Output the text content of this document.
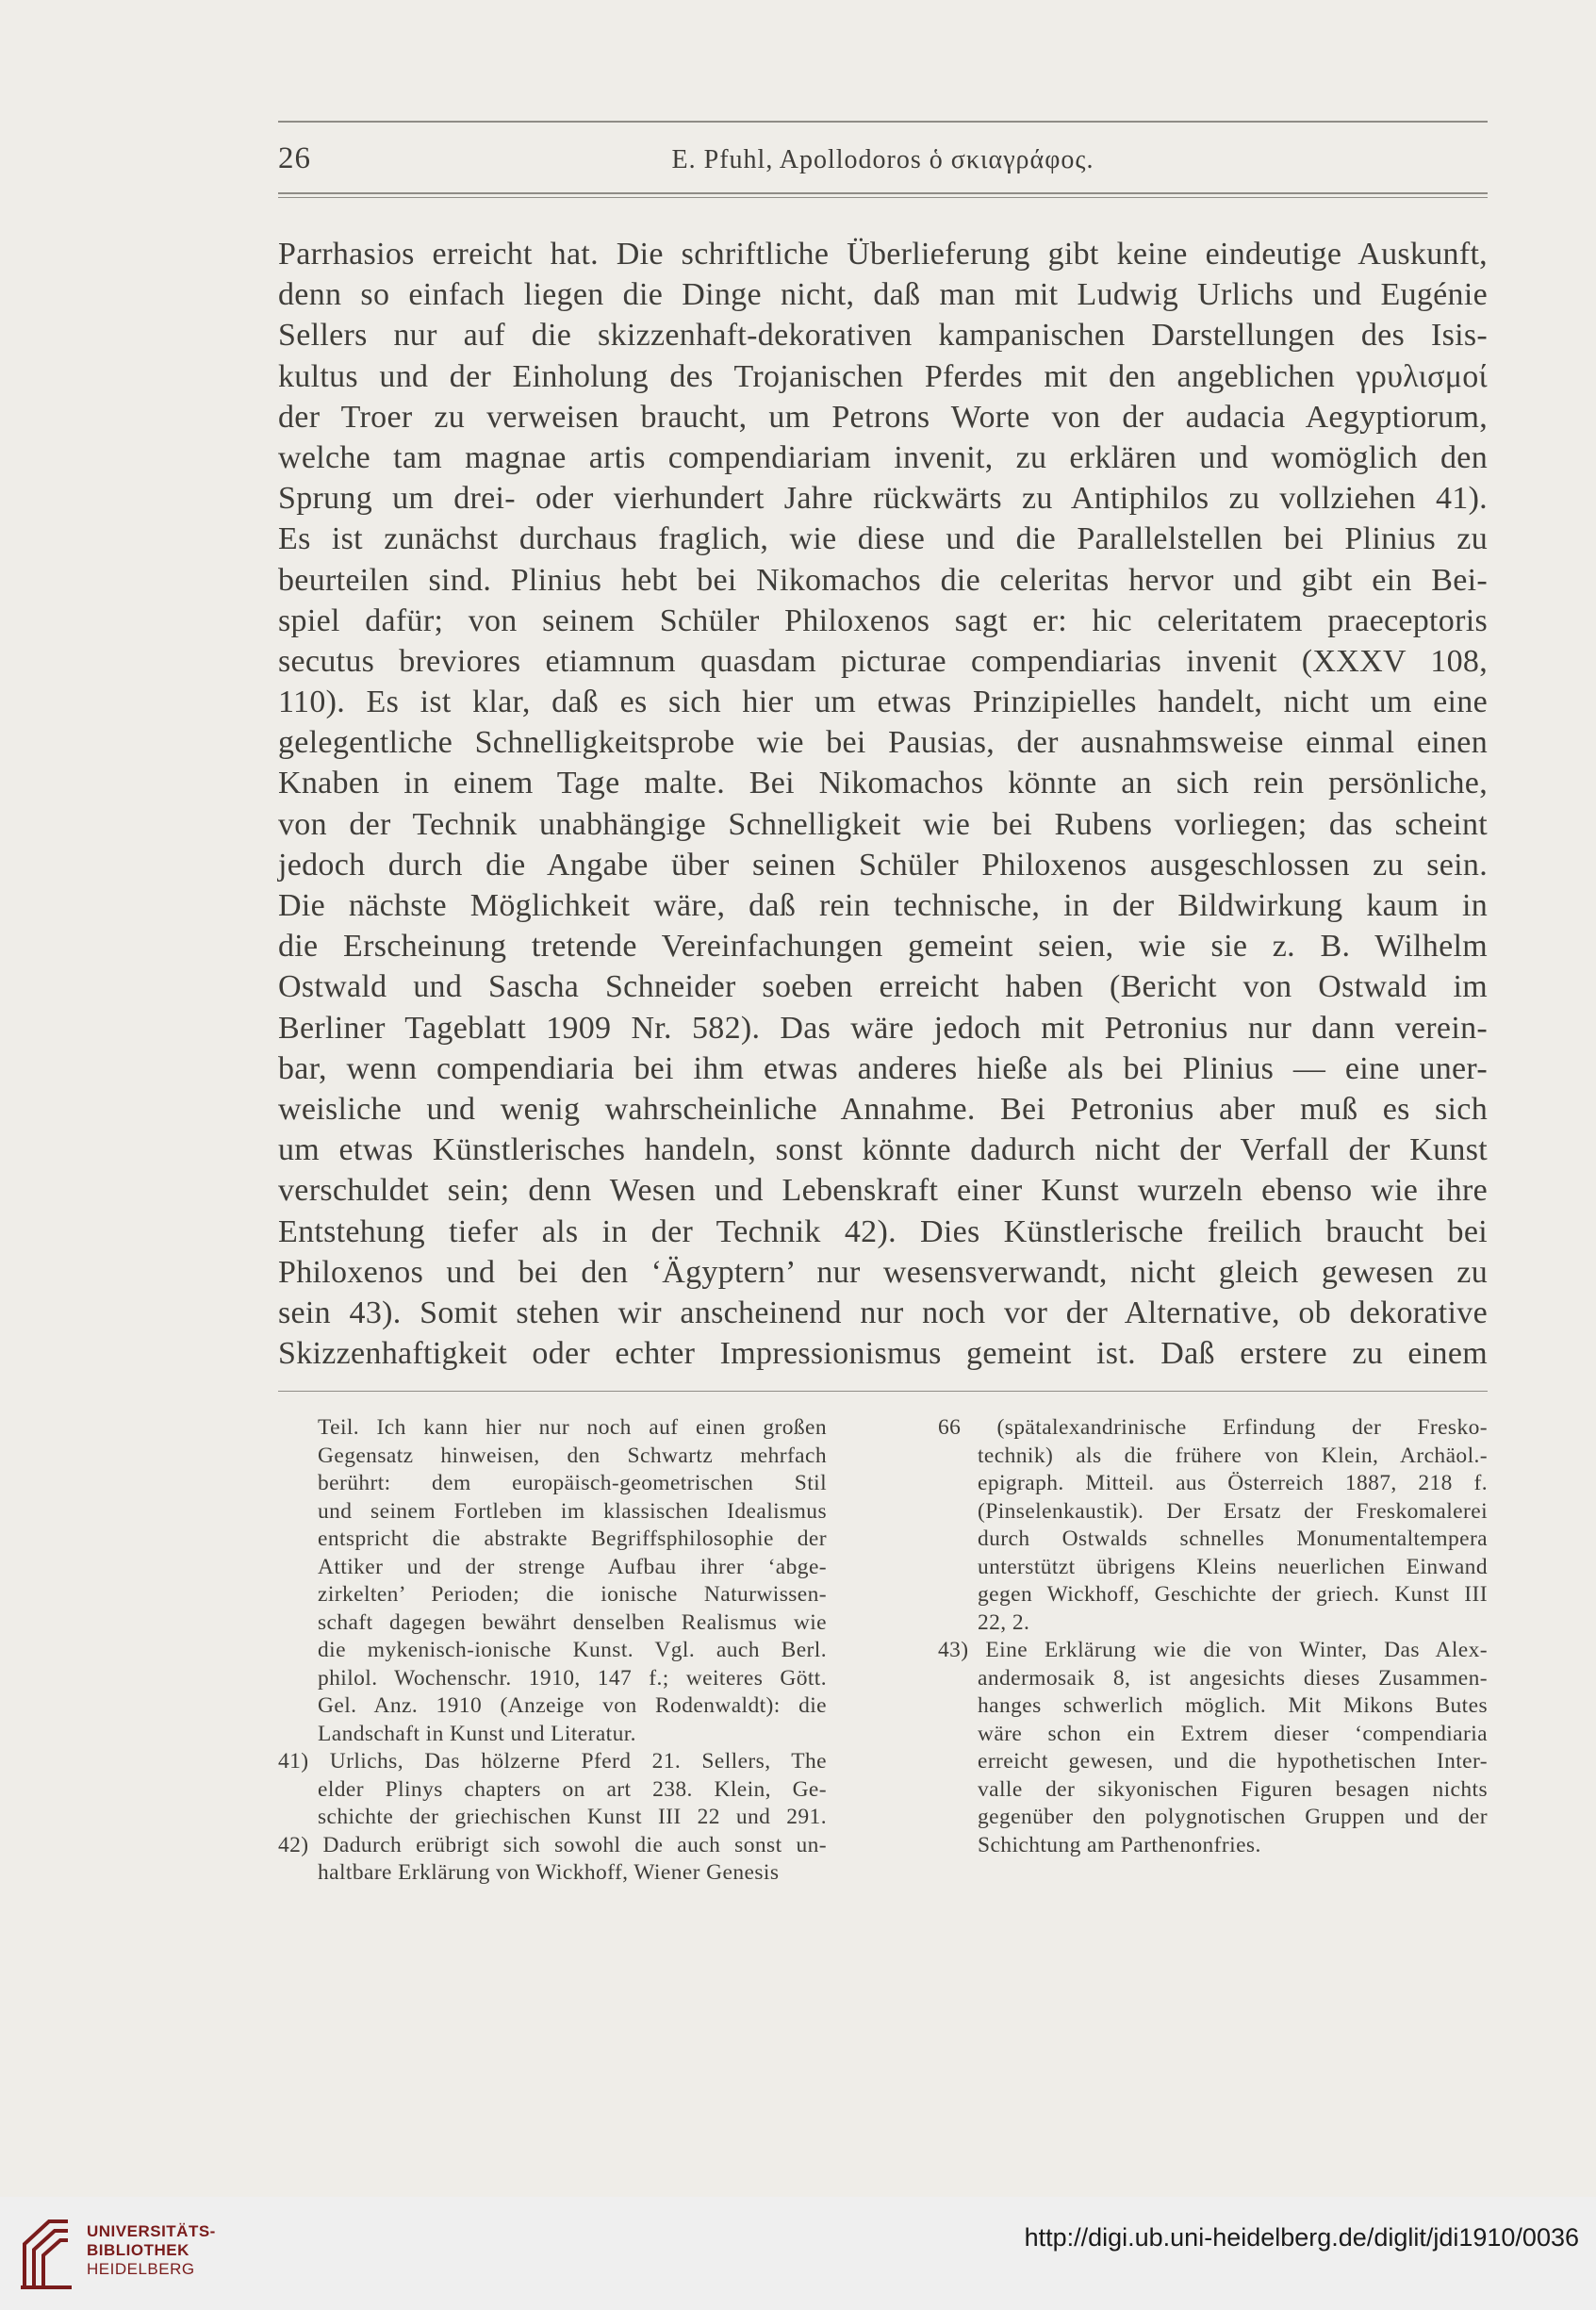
26	E. Pfuhl, Apollodoros ὁ σκιαγράφος.
Parrhasios erreicht hat. Die schriftliche Überlieferung gibt keine eindeutige Auskunft,
denn so einfach liegen die Dinge nicht, daß man mit Ludwig Urlichs und Eugénie
Sellers nur auf die skizzenhaft-dekorativen kampanischen Darstellungen des Isis-
kultus und der Einholung des Trojanischen Pferdes mit den angeblichen γρυλισμοί
der Troer zu verweisen braucht, um Petrons Worte von der audacia Aegyptiorum,
welche tam magnae artis compendiariam invenit, zu erklären und womöglich den
Sprung um drei- oder vierhundert Jahre rückwärts zu Antiphilos zu vollziehen 41).
Es ist zunächst durchaus fraglich, wie diese und die Parallelstellen bei Plinius zu
beurteilen sind. Plinius hebt bei Nikomachos die celeritas hervor und gibt ein Bei-
spiel dafür; von seinem Schüler Philoxenos sagt er: hic celeritatem praeceptoris
secutus breviores etiamnum quasdam picturae compendiarias invenit (XXXV 108,
110). Es ist klar, daß es sich hier um etwas Prinzipielles handelt, nicht um eine
gelegentliche Schnelligkeitsprobe wie bei Pausias, der ausnahmsweise einmal einen
Knaben in einem Tage malte. Bei Nikomachos könnte an sich rein persönliche,
von der Technik unabhängige Schnelligkeit wie bei Rubens vorliegen; das scheint
jedoch durch die Angabe über seinen Schüler Philoxenos ausgeschlossen zu sein.
Die nächste Möglichkeit wäre, daß rein technische, in der Bildwirkung kaum in
die Erscheinung tretende Vereinfachungen gemeint seien, wie sie z. B. Wilhelm
Ostwald und Sascha Schneider soeben erreicht haben (Bericht von Ostwald im
Berliner Tageblatt 1909 Nr. 582). Das wäre jedoch mit Petronius nur dann verein-
bar, wenn compendiaria bei ihm etwas anderes hieße als bei Plinius — eine uner-
weisliche und wenig wahrscheinliche Annahme. Bei Petronius aber muß es sich
um etwas Künstlerisches handeln, sonst könnte dadurch nicht der Verfall der Kunst
verschuldet sein; denn Wesen und Lebenskraft einer Kunst wurzeln ebenso wie ihre
Entstehung tiefer als in der Technik 42). Dies Künstlerische freilich braucht bei
Philoxenos und bei den ‘Ägyptern’ nur wesensverwandt, nicht gleich gewesen zu
sein 43). Somit stehen wir anscheinend nur noch vor der Alternative, ob dekorative
Skizzenhaftigkeit oder echter Impressionismus gemeint ist. Daß erstere zu einem
Teil. Ich kann hier nur noch auf einen großen
Gegensatz hinweisen, den Schwartz mehrfach
berührt: dem europäisch-geometrischen Stil
und seinem Fortleben im klassischen Idealismus
entspricht die abstrakte Begriffsphilosophie der
Attiker und der strenge Aufbau ihrer ‘abge-
zirkelten’ Perioden; die ionische Naturwissen-
schaft dagegen bewährt denselben Realismus wie
die mykenisch-ionische Kunst. Vgl. auch Berl.
philol. Wochenschr. 1910, 147 f.; weiteres Gött.
Gel. Anz. 1910 (Anzeige von Rodenwaldt): die
Landschaft in Kunst und Literatur.
41) Urlichs, Das hölzerne Pferd 21. Sellers, The
elder Plinys chapters on art 238. Klein, Ge-
schichte der griechischen Kunst III 22 und 291.
42) Dadurch erübrigt sich sowohl die auch sonst un-
haltbare Erklärung von Wickhoff, Wiener Genesis
66 (spätalexandrinische Erfindung der Fresko-
technik) als die frühere von Klein, Archäol.-
epigraph. Mitteil. aus Österreich 1887, 218 f.
(Pinselenkaustik). Der Ersatz der Freskomalerei
durch Ostwalds schnelles Monumentaltempera
unterstützt übrigens Kleins neuerlichen Einwand
gegen Wickhoff, Geschichte der griech. Kunst III
22, 2.
43) Eine Erklärung wie die von Winter, Das Alex-
andermosaik 8, ist angesichts dieses Zusammen-
hanges schwerlich möglich. Mit Mikons Butes
wäre schon ein Extrem dieser ‘compendiaria
erreicht gewesen, und die hypothetischen Inter-
valle der sikyonischen Figuren besagen nichts
gegenüber den polygnotischen Gruppen und der
Schichtung am Parthenonfries.
UNIVERSITÄTS-
BIBLIOTHEK
HEIDELBERG
http://digi.ub.uni-heidelberg.de/diglit/jdi1910/0036
